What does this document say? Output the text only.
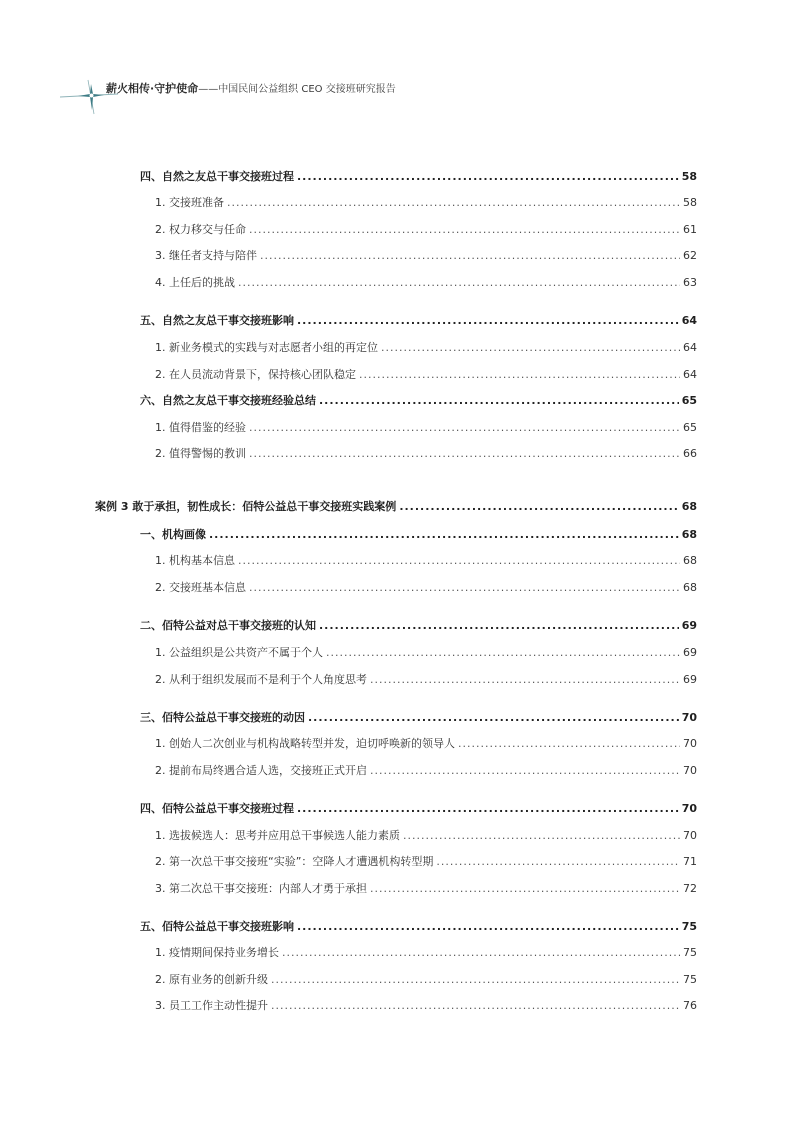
薪火相传·守护使命——中国民间公益组织 CEO 交接班研究报告
四、自然之友总干事交接班过程 .....	58
1. 交接班准备 .....	58
2. 权力移交与任命 .....	61
3. 继任者支持与陪伴 .....	62
4. 上任后的挑战 .....	63
五、自然之友总干事交接班影响 .....	64
1. 新业务模式的实践与对志愿者小组的再定位 .....	64
2. 在人员流动背景下，保持核心团队稳定 .....	64
六、自然之友总干事交接班经验总结 .....	65
1. 值得借鉴的经验 .....	65
2. 值得警惕的教训 .....	66
案例 3 敢于承担，韧性成长：佰特公益总干事交接班实践案例 .....	68
一、机构画像 .....	68
1. 机构基本信息 .....	68
2. 交接班基本信息 .....	68
二、佰特公益对总干事交接班的认知 .....	69
1. 公益组织是公共资产不属于个人 .....	69
2. 从利于组织发展而不是利于个人角度思考 .....	69
三、佰特公益总干事交接班的动因 .....	70
1. 创始人二次创业与机构战略转型并发，迫切呼唤新的领导人 .....	70
2. 提前布局终遇合适人选，交接班正式开启 .....	70
四、佰特公益总干事交接班过程 .....	70
1. 选拔候选人：思考并应用总干事候选人能力素质 .....	70
2. 第一次总干事交接班“实验”：空降人才遭遇机构转型期 .....	71
3. 第二次总干事交接班：内部人才勇于承担 .....	72
五、佰特公益总干事交接班影响 .....	75
1. 疫情期间保持业务增长 .....	75
2. 原有业务的创新升级 .....	75
3. 员工工作主动性提升 .....	76
